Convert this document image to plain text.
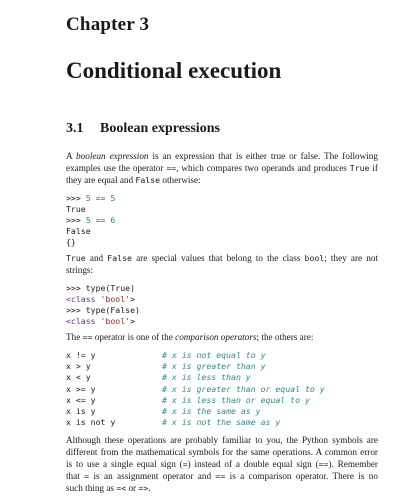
Chapter 3
Conditional execution
3.1 Boolean expressions
A boolean expression is an expression that is either true or false. The following
examples use the operator ==, which compares two operands and produces True if
they are equal and False otherwise:
>>> 5 == 5
True
>>> 5 == 6
False
{}
True and False are special values that belong to the class bool; they are not
strings:
>>> type(True)
<class 'bool'>
>>> type(False)
<class 'bool'>
The == operator is one of the comparison operators; the others are:
x != y	# x is not equal to y
x > y	# x is greater than y
x < y	# x is less than y
x >= y	# x is greater than or equal to y
x <= y	# x is less than or equal to y
x is y	# x is the same as y
x is not y	# x is not the same as y
Although these operations are probably familiar to you, the Python symbols are
different from the mathematical symbols for the same operations. A common error
is to use a single equal sign (=) instead of a double equal sign (==). Remember
that = is an assignment operator and == is a comparison operator. There is no
such thing as =< or =>.
